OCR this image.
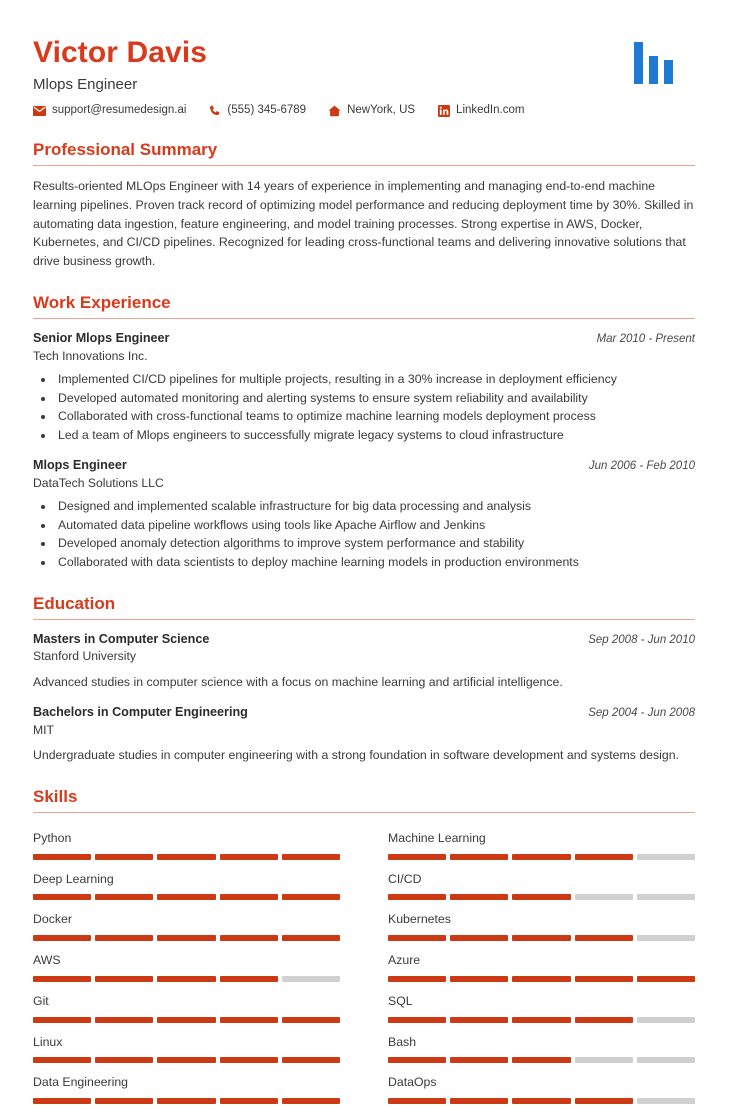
Victor Davis
Mlops Engineer
support@resumedesign.ai	(555) 345-6789	NewYork, US	LinkedIn.com
Professional Summary

Results-oriented MLOps Engineer with 14 years of experience in implementing and managing end-to-end machine learning pipelines. Proven track record of optimizing model performance and reducing deployment time by 30%. Skilled in automating data ingestion, feature engineering, and model training processes. Strong expertise in AWS, Docker, Kubernetes, and CI/CD pipelines. Recognized for leading cross-functional teams and delivering innovative solutions that drive business growth.

Work Experience
Senior Mlops Engineer	Mar 2010 - Present
Tech Innovations Inc.
• Implemented CI/CD pipelines for multiple projects, resulting in a 30% increase in deployment efficiency
• Developed automated monitoring and alerting systems to ensure system reliability and availability
• Collaborated with cross-functional teams to optimize machine learning models deployment process
• Led a team of Mlops engineers to successfully migrate legacy systems to cloud infrastructure
Mlops Engineer	Jun 2006 - Feb 2010
DataTech Solutions LLC
• Designed and implemented scalable infrastructure for big data processing and analysis
• Automated data pipeline workflows using tools like Apache Airflow and Jenkins
• Developed anomaly detection algorithms to improve system performance and stability
• Collaborated with data scientists to deploy machine learning models in production environments
Education
Masters in Computer Science	Sep 2008 - Jun 2010
Stanford University
Advanced studies in computer science with a focus on machine learning and artificial intelligence.
Bachelors in Computer Engineering	Sep 2004 - Jun 2008
MIT
Undergraduate studies in computer engineering with a strong foundation in software development and systems design.
Skills
Python	Machine Learning
Deep Learning	CI/CD
Docker	Kubernetes
AWS	Azure
Git	SQL
Linux	Bash
Data Engineering	DataOps
